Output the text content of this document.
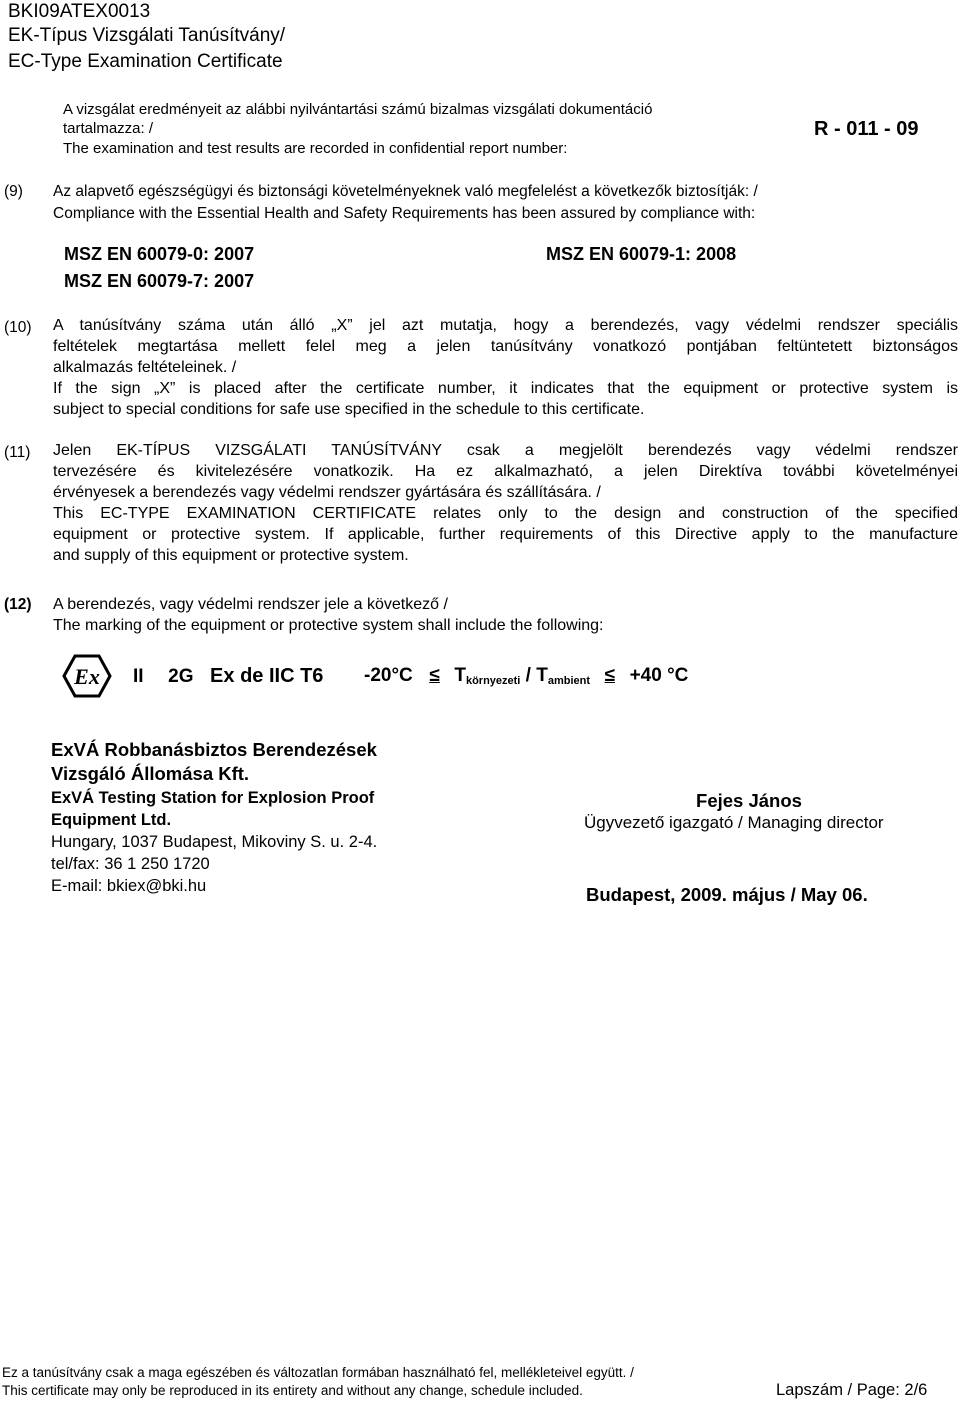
BKI09ATEX0013
EK-Típus Vizsgálati Tanúsítvány/
EC-Type Examination Certificate
A vizsgálat eredményeit az alábbi nyilvántartási számú bizalmas vizsgálati dokumentáció
tartalmazza: /
The examination and test results are recorded in confidential report number:
R - 011 - 09
(9) Az alapvető egészségügyi és biztonsági követelményeknek való megfelelést a következők biztosítják: /
Compliance with the Essential Health and Safety Requirements has been assured by compliance with:
MSZ EN 60079-0: 2007	MSZ EN 60079-1: 2008
MSZ EN 60079-7: 2007
(10) A tanúsítvány száma után álló „X” jel azt mutatja, hogy a berendezés, vagy védelmi rendszer speciális
feltételek megtartása mellett felel meg a jelen tanúsítvány vonatkozó pontjában feltüntetett biztonságos
alkalmazás feltételeinek. /
If the sign „X” is placed after the certificate number, it indicates that the equipment or protective system is
subject to special conditions for safe use specified in the schedule to this certificate.
(11) Jelen EK-TÍPUS VIZSGÁLATI TANÚSÍTVÁNY csak a megjelölt berendezés vagy védelmi rendszer
tervezésére és kivitelezésére vonatkozik. Ha ez alkalmazható, a jelen Direktíva további követelményei
érvényesek a berendezés vagy védelmi rendszer gyártására és szállítására. /
This EC-TYPE EXAMINATION CERTIFICATE relates only to the design and construction of the specified
equipment or protective system. If applicable, further requirements of this Directive apply to the manufacture
and supply of this equipment or protective system.
(12) A berendezés, vagy védelmi rendszer jele a következő /
The marking of the equipment or protective system shall include the following:
Ex II 2G Ex de IIC T6 $-20^\circ C \le T_{környezeti} / T_{ambient} \le +40$ °C
ExVÁ Robbanásbiztos Berendezések
Vizsgáló Állomása Kft.
ExVÁ Testing Station for Explosion Proof
Equipment Ltd.
Hungary, 1037 Budapest, Mikoviny S. u. 2-4.
tel/fax: 36 1 250 1720
E-mail: bkiex@bki.hu
Fejes János
Ügyvezető igazgató / Managing director
Budapest, 2009. május / May 06.
Ez a tanúsítvány csak a maga egészében és változatlan formában használható fel, mellékleteivel együtt. /
This certificate may only be reproduced in its entirety and without any change, schedule included.	Lapszám / Page: 2/6
